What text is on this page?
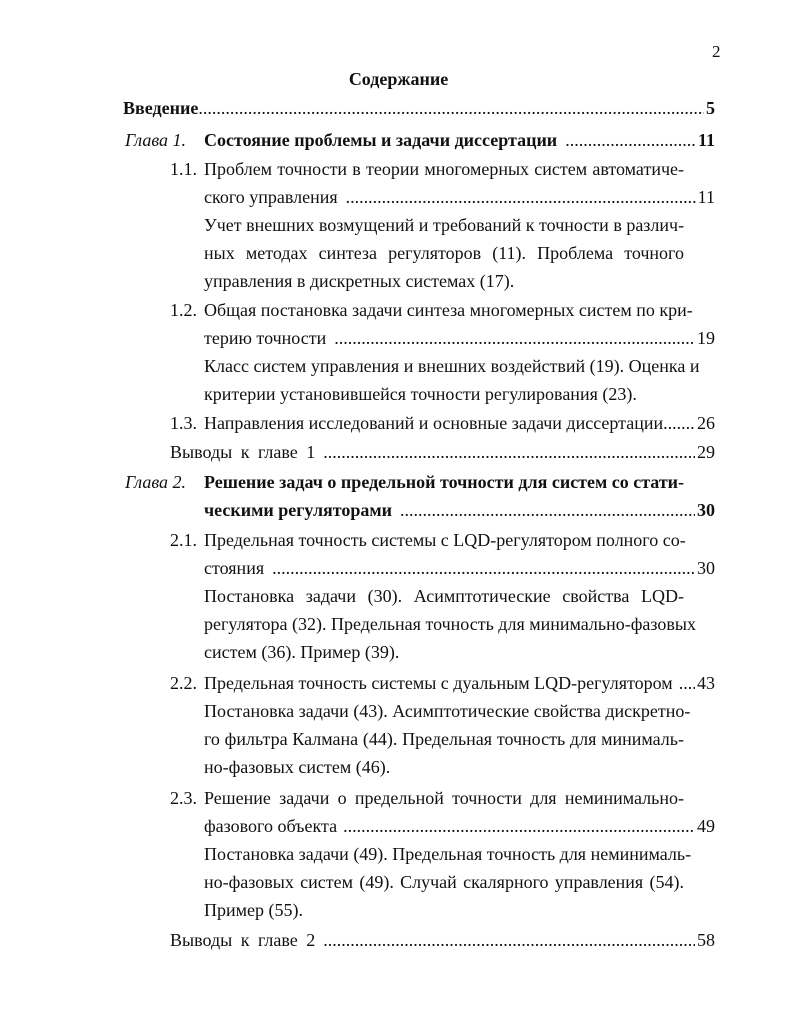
2
Содержание
Введение .....	5
Глава 1. Состояние проблемы и задачи диссертации .....	11
1.1. Проблем точности в теории многомерных систем автоматиче-
ского управления .....	11
Учет внешних возмущений и требований к точности в различ-
ных методах синтеза регуляторов (11). Проблема точного
управления в дискретных системах (17).
1.2. Общая постановка задачи синтеза многомерных систем по кри-
терию точности .....	19
Класс систем управления и внешних воздействий (19). Оценка и
критерии установившейся точности регулирования (23).
1.3. Направления исследований и основные задачи диссертации ..... 26
Выводы к главе 1 .....	29
Глава 2. Решение задач о предельной точности для систем со стати-
ческими регуляторами .....	30
2.1. Предельная точность системы с LQD-регулятором полного со-
стояния .....	30
Постановка задачи (30). Асимптотические свойства LQD-
регулятора (32). Предельная точность для минимально-фазовых
систем (36). Пример (39).
2.2. Предельная точность системы с дуальным LQD-регулятором ..... 43
Постановка задачи (43). Асимптотические свойства дискретно-
го фильтра Калмана (44). Предельная точность для минималь-
но-фазовых систем (46).
2.3. Решение задачи о предельной точности для неминимально-
фазового объекта .....	49
Постановка задачи (49). Предельная точность для неминималь-
но-фазовых систем (49). Случай скалярного управления (54).
Пример (55).
Выводы к главе 2 .....	58
